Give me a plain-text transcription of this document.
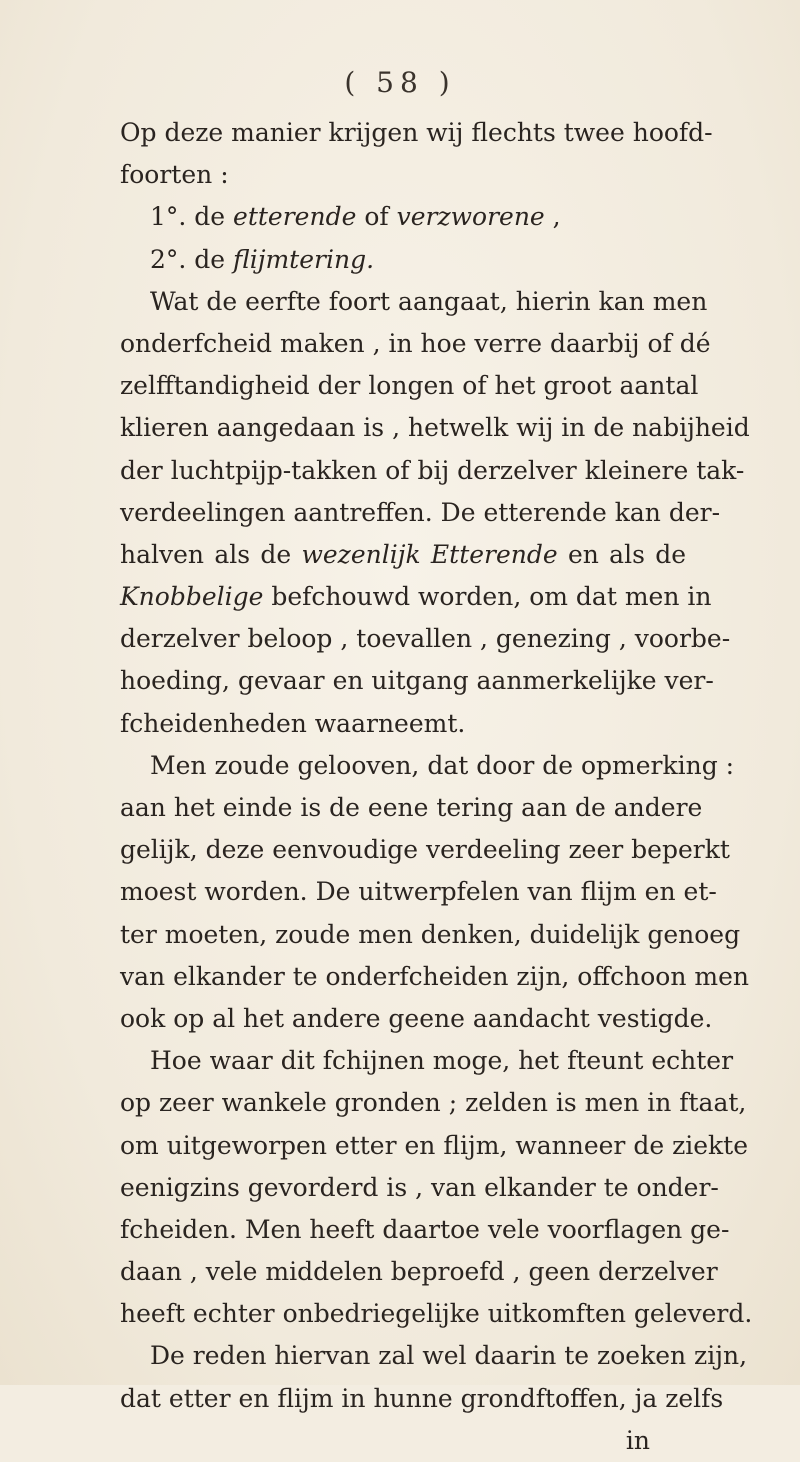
( 58 )
Op deze manier krijgen wij flechts twee hoofd-
foorten :
1°. de etterende of verzworene ,
2°. de flijmtering.
Wat de eerfte foort aangaat, hierin kan men
onderfcheid maken , in hoe verre daarbij of dé
zelfftandigheid der longen of het groot aantal
klieren aangedaan is , hetwelk wij in de nabijheid
der luchtpijp-takken of bij derzelver kleinere tak-
verdeelingen aantreffen. De etterende kan der-
halven als de wezenlijk Etterende en als de
Knobbelige befchouwd worden, om dat men in
derzelver beloop , toevallen , genezing , voorbe-
hoeding, gevaar en uitgang aanmerkelijke ver-
fcheidenheden waarneemt.
Men zoude gelooven, dat door de opmerking :
aan het einde is de eene tering aan de andere
gelijk, deze eenvoudige verdeeling zeer beperkt
moest worden. De uitwerpfelen van flijm en et-
ter moeten, zoude men denken, duidelijk genoeg
van elkander te onderfcheiden zijn, offchoon men
ook op al het andere geene aandacht vestigde.
Hoe waar dit fchijnen moge, het fteunt echter
op zeer wankele gronden ; zelden is men in ftaat,
om uitgeworpen etter en flijm, wanneer de ziekte
eenigzins gevorderd is , van elkander te onder-
fcheiden. Men heeft daartoe vele voorflagen ge-
daan , vele middelen beproefd , geen derzelver
heeft echter onbedriegelijke uitkomften geleverd.
De reden hiervan zal wel daarin te zoeken zijn,
dat etter en flijm in hunne grondftoffen, ja zelfs
in
